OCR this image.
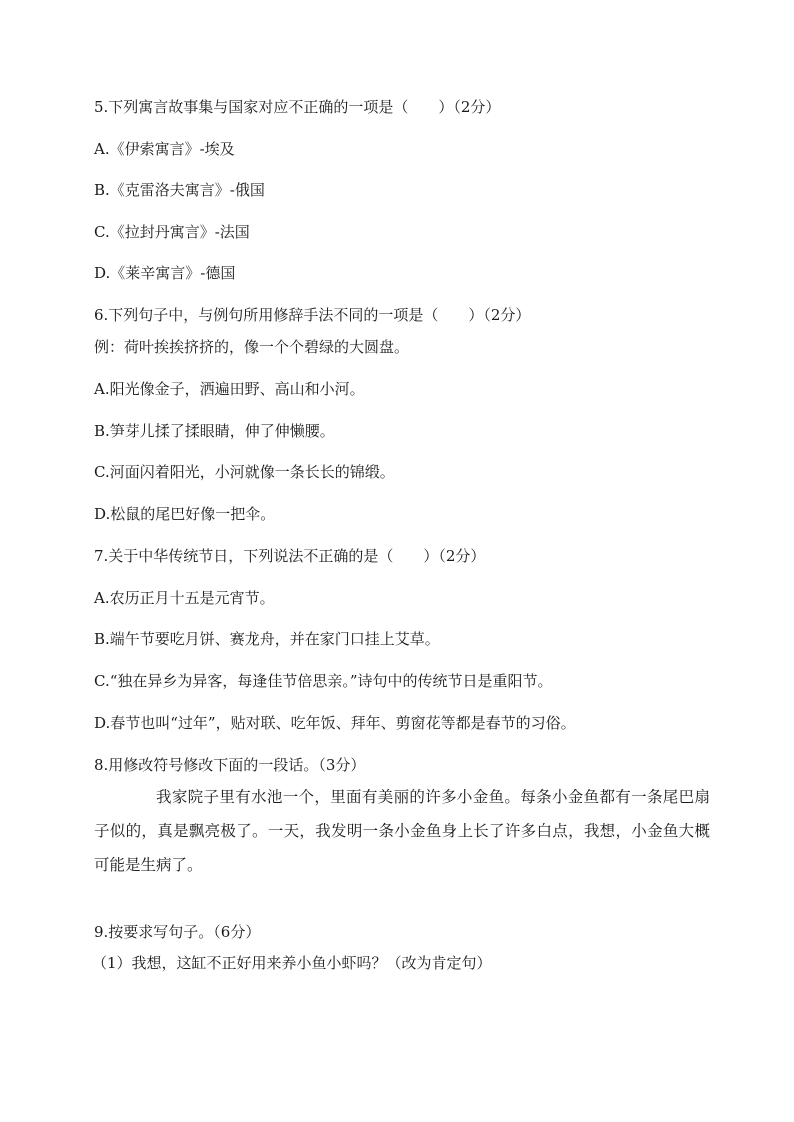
5.下列寓言故事集与国家对应不正确的一项是（　　）（2分）
A.《伊索寓言》-埃及
B.《克雷洛夫寓言》-俄国
C.《拉封丹寓言》-法国
D.《莱辛寓言》-德国
6.下列句子中，与例句所用修辞手法不同的一项是（　　）（2分）
例：荷叶挨挨挤挤的，像一个个碧绿的大圆盘。
A.阳光像金子，洒遍田野、高山和小河。
B.笋芽儿揉了揉眼睛，伸了伸懒腰。
C.河面闪着阳光，小河就像一条长长的锦缎。
D.松鼠的尾巴好像一把伞。
7.关于中华传统节日，下列说法不正确的是（　　）（2分）
A.农历正月十五是元宵节。
B.端午节要吃月饼、赛龙舟，并在家门口挂上艾草。
C.“独在异乡为异客，每逢佳节倍思亲。”诗句中的传统节日是重阳节。
D.春节也叫“过年”，贴对联、吃年饭、拜年、剪窗花等都是春节的习俗。
8.用修改符号修改下面的一段话。（3分）
我家院子里有水池一个，里面有美丽的许多小金鱼。每条小金鱼都有一条尾巴扇子似的，真是飘亮极了。一天，我发明一条小金鱼身上长了许多白点，我想，小金鱼大概可能是生病了。
9.按要求写句子。（6分）
（1）我想，这缸不正好用来养小鱼小虾吗？（改为肯定句）
